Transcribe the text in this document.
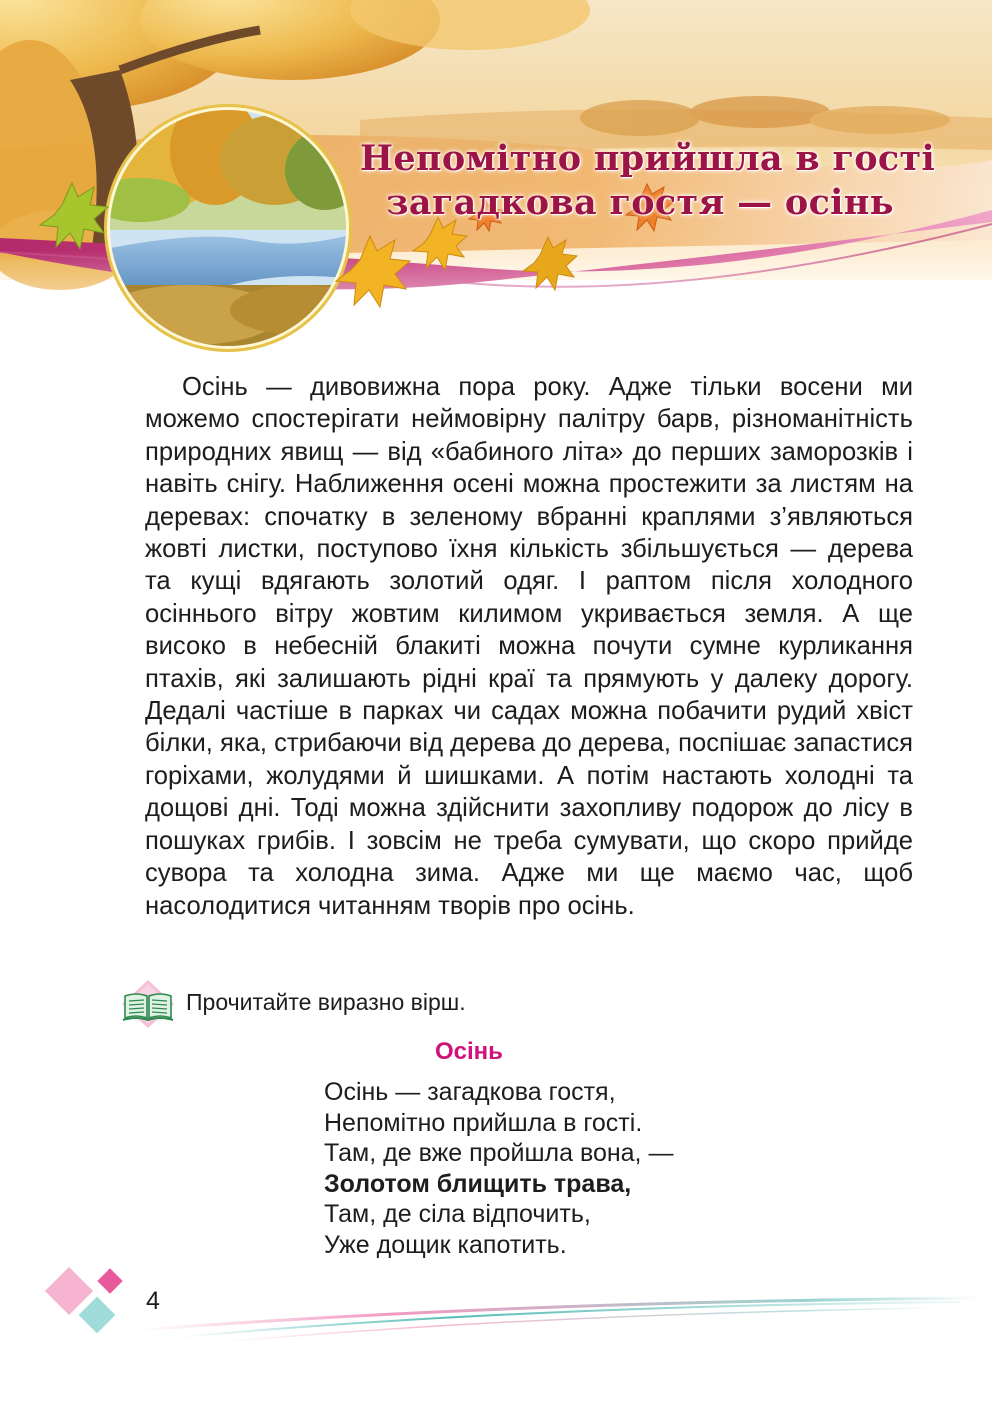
Непомітно прийшла в гості
загадкова гостя — осінь

Осінь — дивовижна пора року. Адже тільки восени ми можемо спостерігати неймовірну палітру барв, різноманітність природних явищ — від «бабиного літа» до перших заморозків і навіть снігу. Наближення осені можна простежити за листям на деревах: спочатку в зеленому вбранні краплями з’являються жовті листки, поступово їхня кількість збільшується — дерева та кущі вдягають золотий одяг. І раптом після холодного осіннього вітру жовтим килимом укривається земля. А ще високо в небесній блакиті можна почути сумне курликання птахів, які залишають рідні краї та прямують у далеку дорогу. Дедалі частіше в парках чи садах можна побачити рудий хвіст білки, яка, стрибаючи від дерева до дерева, поспішає запастися горіхами, жолудями й шишками. А потім настають холодні та дощові дні. Тоді можна здійснити захопливу подорож до лісу в пошуках грибів. І зовсім не треба сумувати, що скоро прийде сувора та холодна зима. Адже ми ще маємо час, щоб насолодитися читанням творів про осінь.

Прочитайте виразно вірш.
Осінь
Осінь — загадкова гостя,
Непомітно прийшла в гості.
Там, де вже пройшла вона, —
Золотом блищить трава,
Там, де сіла відпочить,
Уже дощик капотить.
4
